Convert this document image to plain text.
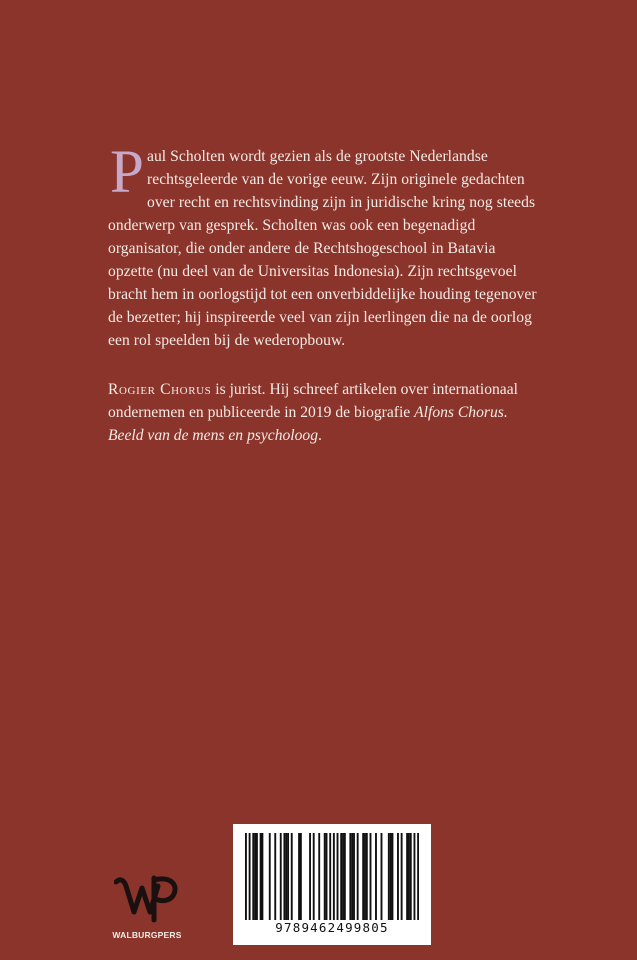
Paul Scholten wordt gezien als de grootste Nederlandse rechtsgeleerde van de vorige eeuw. Zijn originele gedachten over recht en rechtsvinding zijn in juridische kring nog steeds onderwerp van gesprek. Scholten was ook een begenadigd organisator, die onder andere de Rechtshogeschool in Batavia opzette (nu deel van de Universitas Indonesia). Zijn rechtsgevoel bracht hem in oorlogstijd tot een onverbiddelijke houding tegenover de bezetter; hij inspireerde veel van zijn leerlingen die na de oorlog een rol speelden bij de wederopbouw.

Rogier Chorus is jurist. Hij schreef artikelen over internationaal ondernemen en publiceerde in 2019 de biografie Alfons Chorus. Beeld van de mens en psycholoog.

WALBURGPERS	9789462499805
